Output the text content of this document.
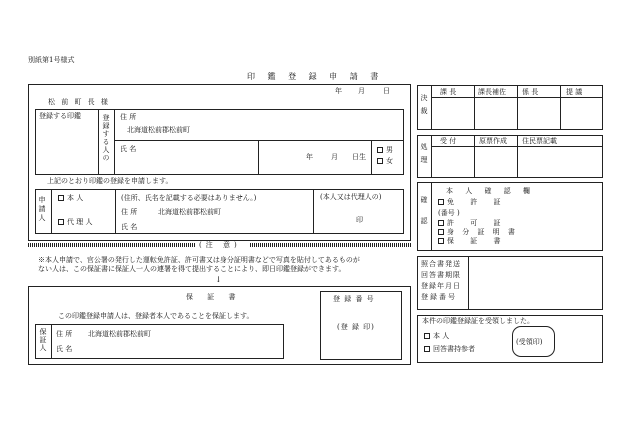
別紙第1号様式
印 鑑 登 録 申 請 書
年 月	日
松 前 町 長 様
登録する印鑑	登録する人の 住 所
北海道松前郡松前町
氏 名
年	月 日生
男
女
上記のとおり印鑑の登録を申請します。
申請人	本 人
代 理 人
(住所、氏名を記載する必要はありません。)
住 所	北海道松前郡松前町
氏 名
(本人又は代理人の)
印
(注 意)
※本人申請で、官公署の発行した運転免許証、許可書又は身分証明書などで写真を貼付してあるものが
ない人は、この保証書に保証人一人の連署を得て提出することにより、即日印鑑登録ができます。
↓
保 証 書
この印鑑登録申請人は、登録者本人であることを保証します。
保証人 住 所 北海道松前郡松前町
氏 名
登 録 番 号
(登 録 印)
決裁
課 長	課長補佐 係 長	提 議
処理
受 付	原票作成 住民票記載
確認
本 人 確 認 欄
免 許 証
(番号 )
許 可 証
身 分 証 明 書
保 証 書
照合書発送
回答書期限
登録年月日
登録番号
本件の印鑑登録証を受領しました。
本 人
回答書持参者
(受領印)
